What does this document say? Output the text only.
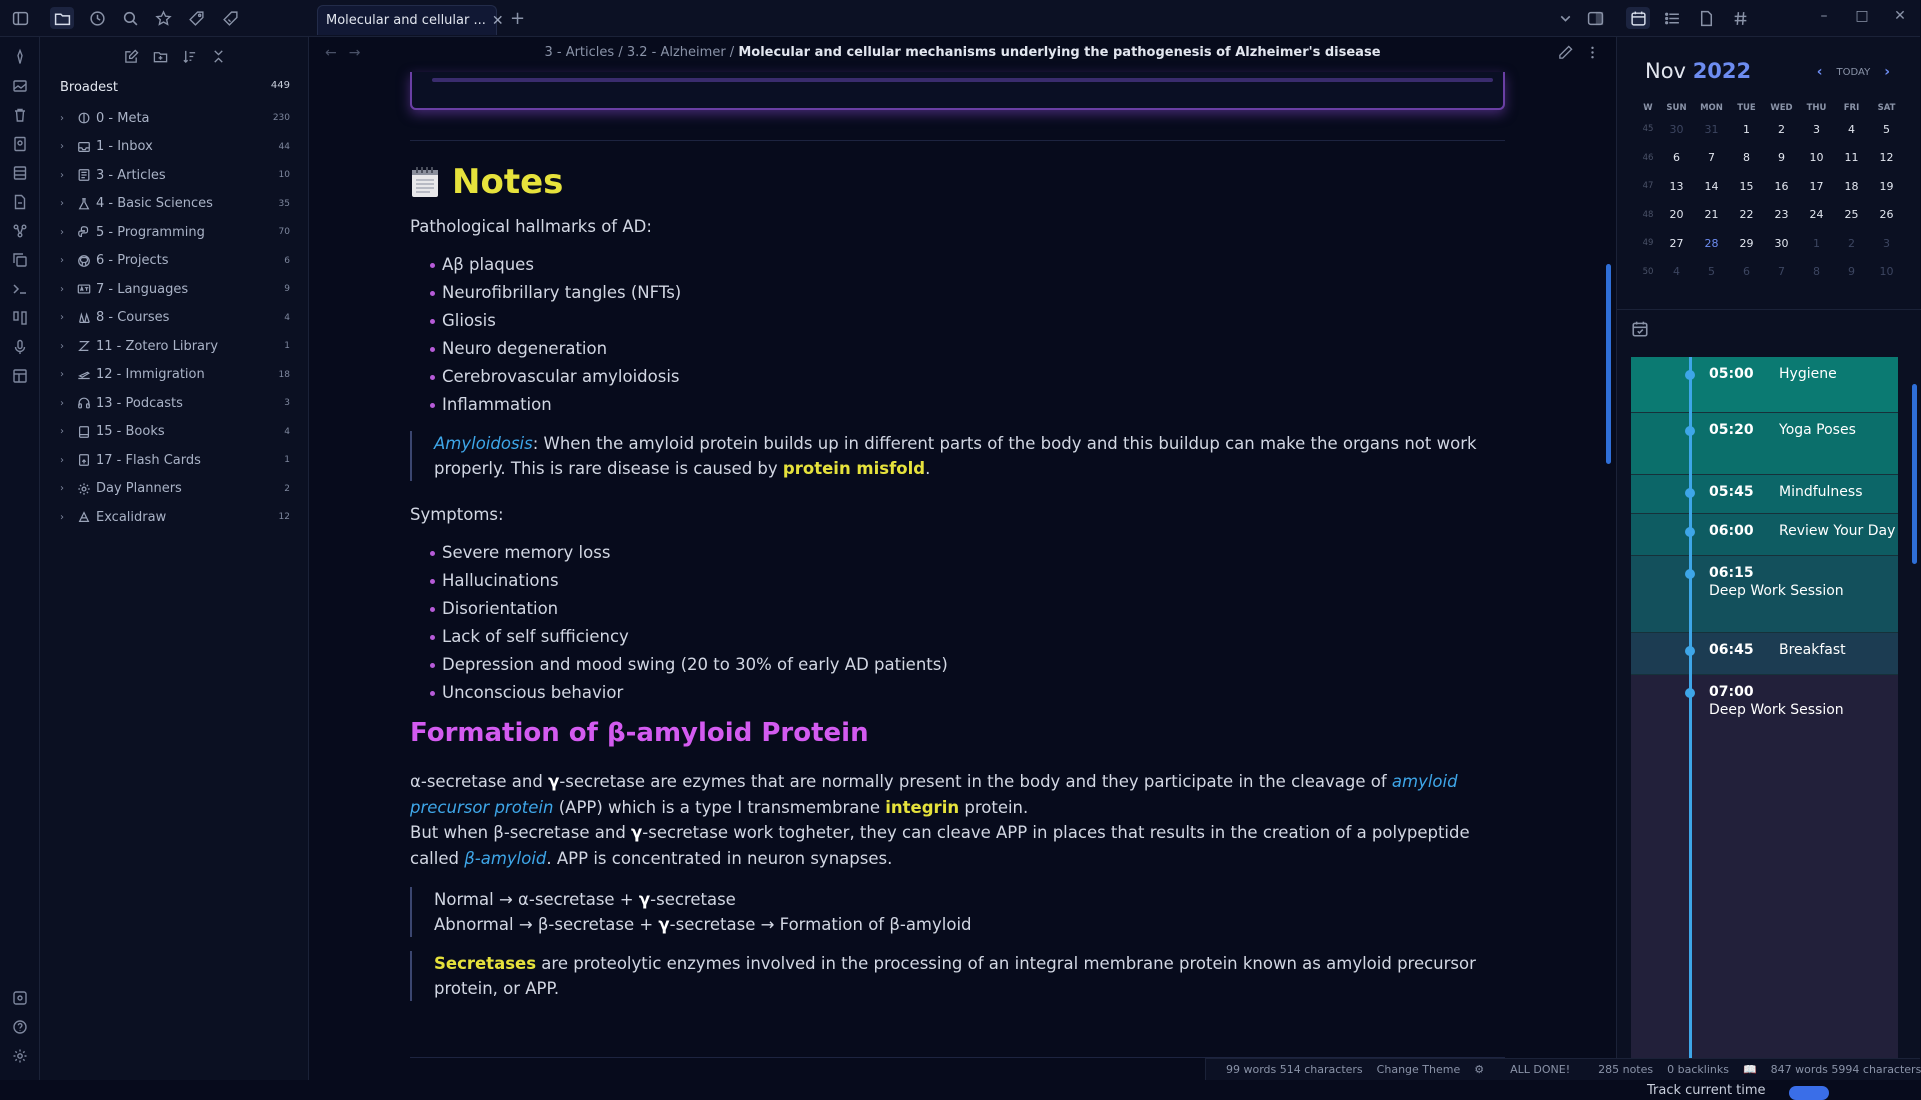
Molecular and cellular ... ✕ +	–	□ ✕
Broadest	449
›	0 - Meta	230
›	1 - Inbox	44
›	3 - Articles	10
›	4 - Basic Sciences	35
›	5 - Programming	70
›	6 - Projects	6
›	7 - Languages	9
›	8 - Courses	4
›	11 - Zotero Library	1
›	12 - Immigration	18
›	13 - Podcasts	3
›	15 - Books	4
›	17 - Flash Cards	1
›	Day Planners	2
›	Excalidraw	12
←→	3 - Articles / 3.2 - Alzheimer / Molecular and cellular mechanisms underlying the pathogenesis of Alzheimer's disease
Notes
Pathological hallmarks of AD:
Aβ plaques
Neurofibrillary tangles (NFTs)
Gliosis
Neuro degeneration
Cerebrovascular amyloidosis
Inflammation
Amyloidosis: When the amyloid protein builds up in different parts of the body and this buildup can make the organs not work properly. This is rare disease is caused by protein misfold.
Symptoms:
Severe memory loss
Hallucinations
Disorientation
Lack of self sufficiency
Depression and mood swing (20 to 30% of early AD patients)
Unconscious behavior
Formation of β-amyloid Protein
α-secretase and γ-secretase are ezymes that are normally present in the body and they participate in the cleavage of amyloid precursor protein (APP) which is a type I transmembrane integrin protein.
But when β-secretase and γ-secretase work togheter, they can cleave APP in places that results in the creation of a polypeptide called β-amyloid. APP is concentrated in neuron synapses.
Normal → α-secretase + γ-secretase
Abnormal → β-secretase + γ-secretase → Formation of β-amyloid
Secretases are proteolytic enzymes involved in the processing of an integral membrane protein known as amyloid precursor protein, or APP.
Nov 2022	‹ TODAY ›
W	SUN	MON	TUE	WED	THU	FRI	SAT
45	30	31	1	2	3	4	5
46	6	7	8	9	10	11	12
47	13	14	15	16	17	18	19
48	20	21	22	23	24	25	26
49	27	28	29	30	1	2	3
50	4	5	6	7	8	9	10
05:00 Hygiene
05:20 Yoga Poses
05:45 Mindfulness
06:00 Review Your Day
06:15
Deep Work Session
06:45 Breakfast
07:00
Deep Work Session
Track current time
99 words 514 characters Change Theme ⚙ ALL DONE!	285 notes 0 backlinks 📖 847 words 5994 characters
